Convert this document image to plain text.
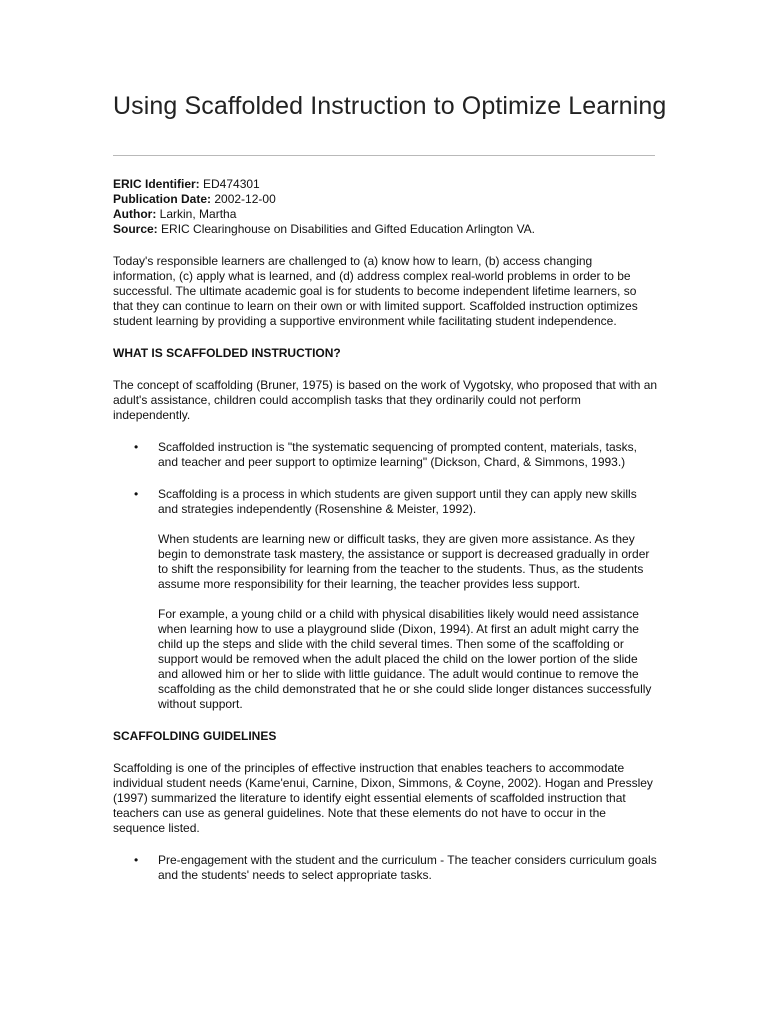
Using Scaffolded Instruction to Optimize Learning
ERIC Identifier: ED474301
Publication Date: 2002-12-00
Author: Larkin, Martha
Source: ERIC Clearinghouse on Disabilities and Gifted Education Arlington VA.

Today's responsible learners are challenged to (a) know how to learn, (b) access changing information, (c) apply what is learned, and (d) address complex real-world problems in order to be successful. The ultimate academic goal is for students to become independent lifetime learners, so that they can continue to learn on their own or with limited support. Scaffolded instruction optimizes student learning by providing a supportive environment while facilitating student independence.

WHAT IS SCAFFOLDED INSTRUCTION?

The concept of scaffolding (Bruner, 1975) is based on the work of Vygotsky, who proposed that with an adult's assistance, children could accomplish tasks that they ordinarily could not perform independently.

• Scaffolded instruction is "the systematic sequencing of prompted content, materials, tasks, and teacher and peer support to optimize learning" (Dickson, Chard, & Simmons, 1993.)

• Scaffolding is a process in which students are given support until they can apply new skills and strategies independently (Rosenshine & Meister, 1992).

When students are learning new or difficult tasks, they are given more assistance. As they begin to demonstrate task mastery, the assistance or support is decreased gradually in order to shift the responsibility for learning from the teacher to the students. Thus, as the students assume more responsibility for their learning, the teacher provides less support.

For example, a young child or a child with physical disabilities likely would need assistance when learning how to use a playground slide (Dixon, 1994). At first an adult might carry the child up the steps and slide with the child several times. Then some of the scaffolding or support would be removed when the adult placed the child on the lower portion of the slide and allowed him or her to slide with little guidance. The adult would continue to remove the scaffolding as the child demonstrated that he or she could slide longer distances successfully without support.

SCAFFOLDING GUIDELINES

Scaffolding is one of the principles of effective instruction that enables teachers to accommodate individual student needs (Kame'enui, Carnine, Dixon, Simmons, & Coyne, 2002). Hogan and Pressley (1997) summarized the literature to identify eight essential elements of scaffolded instruction that teachers can use as general guidelines. Note that these elements do not have to occur in the sequence listed.

• Pre-engagement with the student and the curriculum - The teacher considers curriculum goals and the students' needs to select appropriate tasks.
